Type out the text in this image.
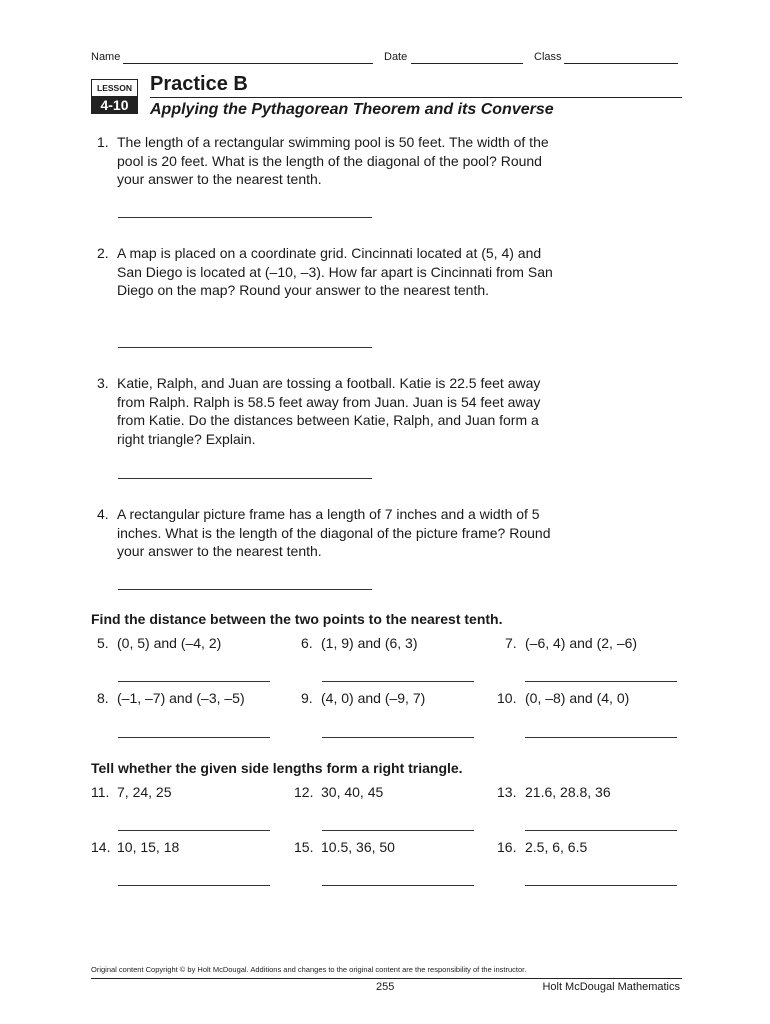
Name	Date	Class
LESSON
4-10
Practice B
Applying the Pythagorean Theorem and its Converse
1. The length of a rectangular swimming pool is 50 feet. The width of the pool is 20 feet. What is the length of the diagonal of the pool? Round your answer to the nearest tenth.
2. A map is placed on a coordinate grid. Cincinnati located at (5, 4) and San Diego is located at (–10, –3). How far apart is Cincinnati from San Diego on the map? Round your answer to the nearest tenth.
3. Katie, Ralph, and Juan are tossing a football. Katie is 22.5 feet away from Ralph. Ralph is 58.5 feet away from Juan. Juan is 54 feet away from Katie. Do the distances between Katie, Ralph, and Juan form a right triangle? Explain.
4. A rectangular picture frame has a length of 7 inches and a width of 5 inches. What is the length of the diagonal of the picture frame? Round your answer to the nearest tenth.
Find the distance between the two points to the nearest tenth.
5. (0, 5) and (–4, 2)	6. (1, 9) and (6, 3)	7. (–6, 4) and (2, –6)
8. (–1, –7) and (–3, –5)	9. (4, 0) and (–9, 7)	10. (0, –8) and (4, 0)
Tell whether the given side lengths form a right triangle.
11. 7, 24, 25	12. 30, 40, 45	13. 21.6, 28.8, 36
14. 10, 15, 18	15. 10.5, 36, 50	16. 2.5, 6, 6.5
Original content Copyright © by Holt McDougal. Additions and changes to the original content are the responsibility of the instructor.
255	Holt McDougal Mathematics
